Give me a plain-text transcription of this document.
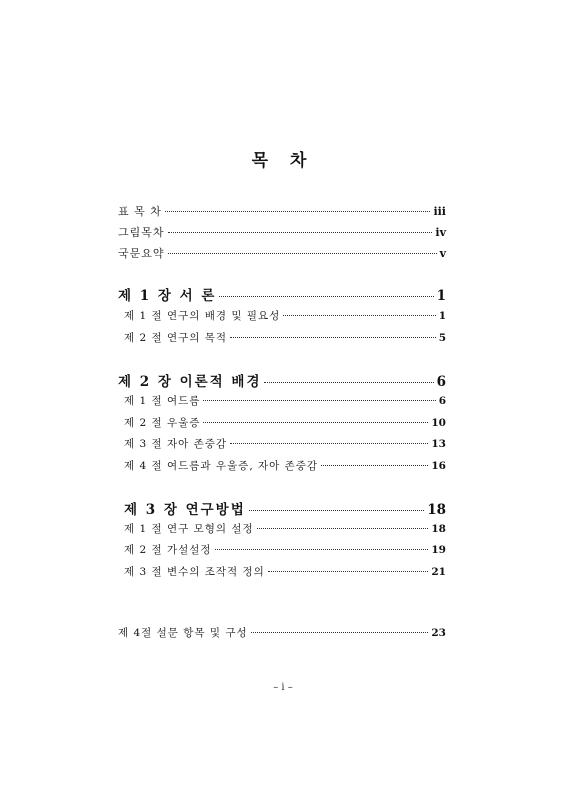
목 차
표 목 차	iii
그림목차	iv
국문요약	v
제 1 장 서 론	1
제 1 절 연구의 배경 및 필요성	1
제 2 절 연구의 목적	5
제 2 장 이론적 배경	6
제 1 절 여드름	6
제 2 절 우울증	10
제 3 절 자아 존중감	13
제 4 절 여드름과 우울증, 자아 존중감	16
제 3 장 연구방법	18
제 1 절 연구 모형의 설정	18
제 2 절 가설설정	19
제 3 절 변수의 조작적 정의	21
제 4절 설문 항목 및 구성	23
– i –
